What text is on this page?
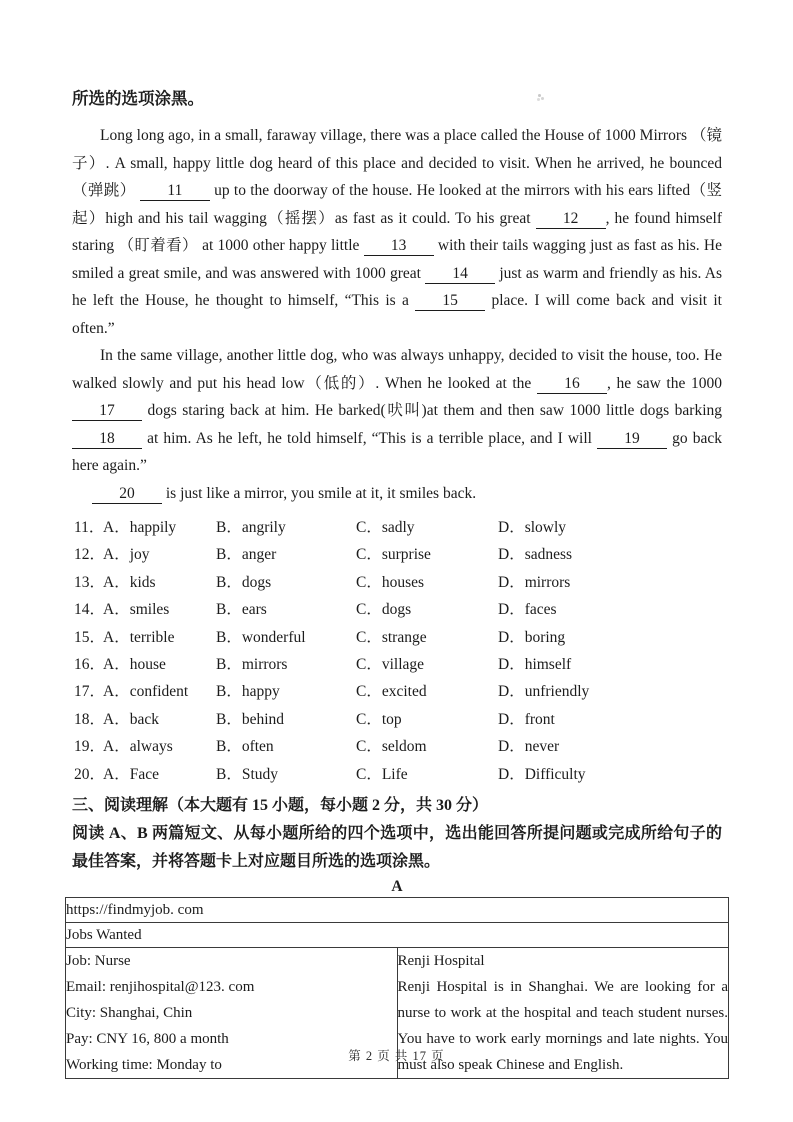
所选的选项涂黑。

Long long ago, in a small, faraway village, there was a place called the House of 1000 Mirrors （镜子）. A small, happy little dog heard of this place and decided to visit. When he arrived, he bounced （弹跳） 11 up to the doorway of the house. He looked at the mirrors with his ears lifted（竖起）high and his tail wagging（摇摆）as fast as it could. To his great 12 , he found himself staring （盯着看） at 1000 other happy little 13 with their tails wagging just as fast as his. He smiled a great smile, and was answered with 1000 great 14 just as warm and friendly as his. As he left the House, he thought to himself, “This is a 15 place. I will come back and visit it often.”

In the same village, another little dog, who was always unhappy, decided to visit the house, too. He walked slowly and put his head low（低的）. When he looked at the 16 , he saw the 1000 17 dogs staring back at him. He barked(吠叫)at them and then saw 1000 little dogs barking 18 at him. As he left, he told himself, “This is a terrible place, and I will 19 go back here again.”

20 is just like a mirror, you smile at it, it smiles back.

11．
A．happily	B．angrily	C．sadly	D．slowly
12．
A．joy	B．anger	C．surprise	D．sadness
13．
A．kids	B．dogs	C．houses	D．mirrors
14．
A．smiles	B．ears	C．dogs	D．faces
15．
A．terrible	B．wonderful	C．strange	D．boring
16．
A．house	B．mirrors	C．village	D．himself
17．
A．confident	B．happy	C．excited	D．unfriendly
18．
A．back	B．behind	C．top	D．front
19．
A．always	B．often	C．seldom	D．never
20．
A．Face	B．Study	C．Life	D．Difficulty

三、阅读理解（本大题有 15 小题，每小题 2 分，共 30 分）

阅读 A、B 两篇短文、从每小题所给的四个选项中，选出能回答所提问题或完成所给句子的最佳答案，并将答题卡上对应题目所选的选项涂黑。

A

https://findmyjob. com
Jobs Wanted

Job: Nurse
Email: renjihospital@123. com
City: Shanghai, Chin
Pay: CNY 16, 800 a month
Working time: Monday to

Renji Hospital

Renji Hospital is in Shanghai. We are looking for a nurse to work at the hospital and teach student nurses. You have to work early mornings and late nights. You must also speak Chinese and English.

第 2 页 共 17 页
